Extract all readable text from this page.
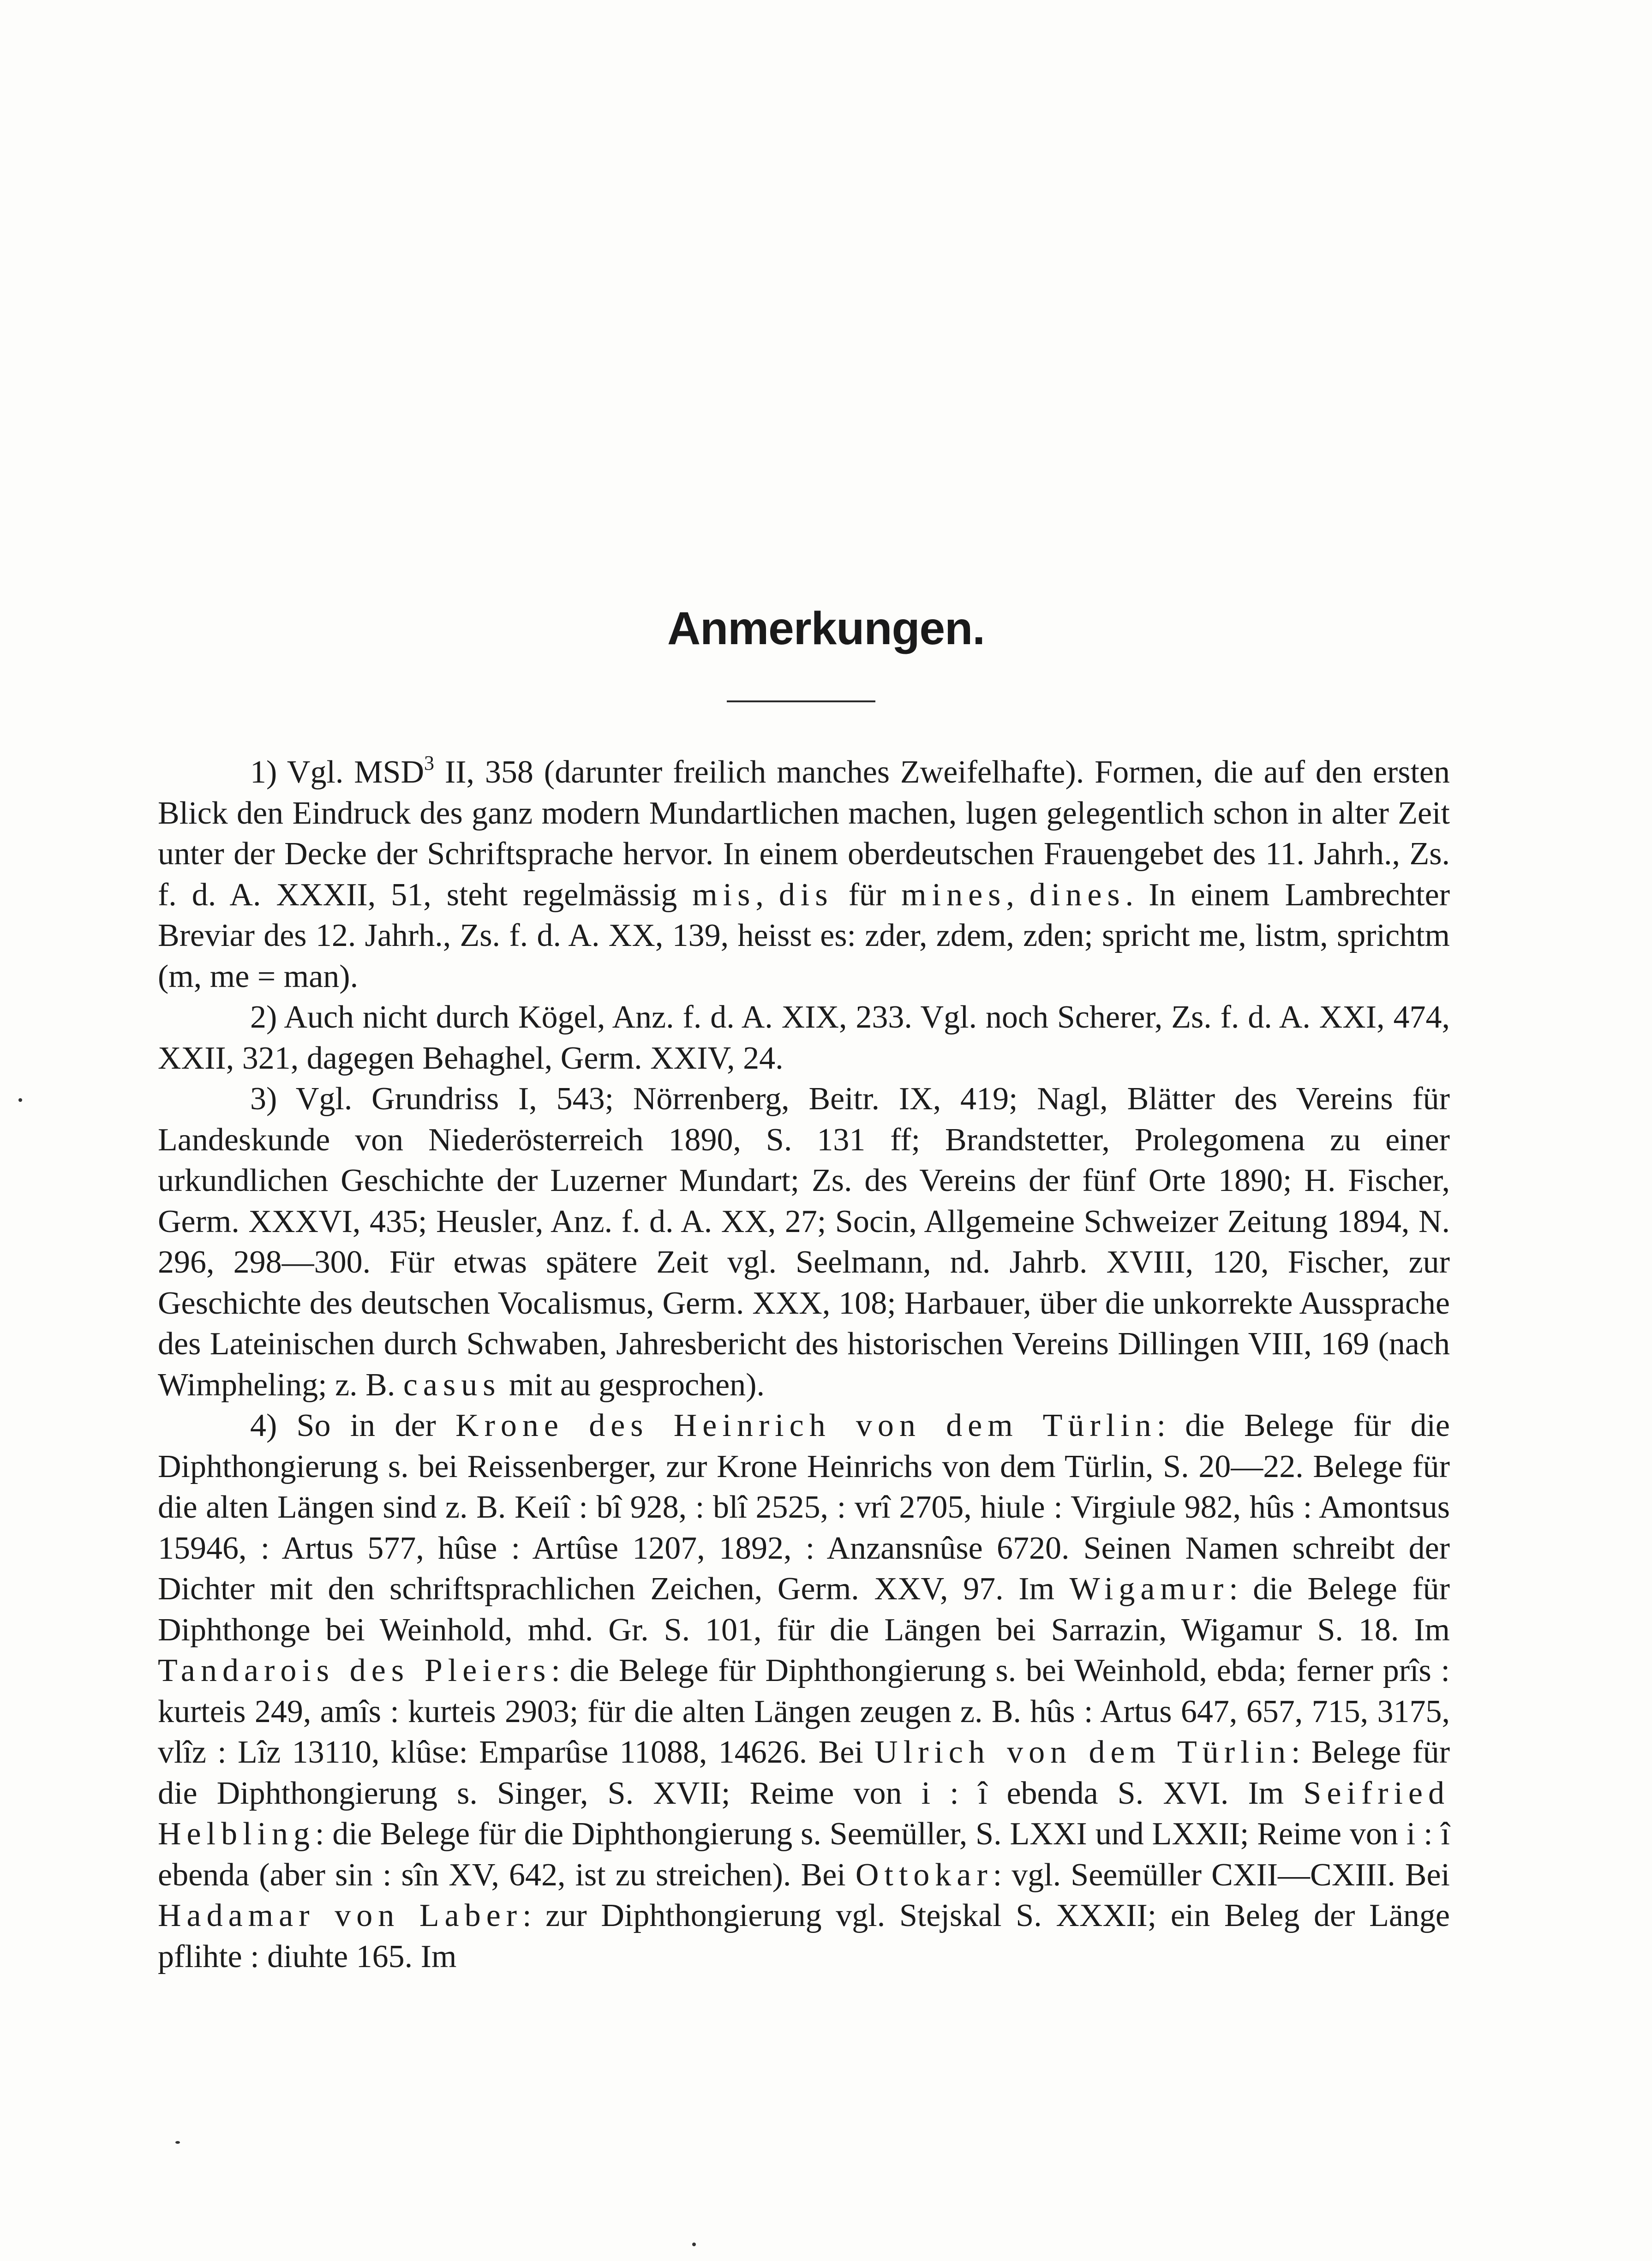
Anmerkungen.
1) Vgl. MSD$^3$ II, 358 (darunter freilich manches Zweifelhafte). Formen, die auf den ersten Blick den Eindruck des ganz modern Mundartlichen machen, lugen gelegentlich schon in alter Zeit unter der Decke der Schriftsprache hervor. In einem oberdeutschen Frauengebet des 11. Jahrh., Zs. f. d. A. XXXII, 51, steht regelmässig mis, dis für mines, dines. In einem Lambrechter Breviar des 12. Jahrh., Zs. f. d. A. XX, 139, heisst es: zder, zdem, zden; spricht me, listm, sprichtm (m, me = man).
2) Auch nicht durch Kögel, Anz. f. d. A. XIX, 233. Vgl. noch Scherer, Zs. f. d. A. XXI, 474, XXII, 321, dagegen Behaghel, Germ. XXIV, 24.
3) Vgl. Grundriss I, 543; Nörrenberg, Beitr. IX, 419; Nagl, Blätter des Vereins für Landeskunde von Niederösterreich 1890, S. 131 ff; Brandstetter, Prolegomena zu einer urkundlichen Geschichte der Luzerner Mundart; Zs. des Vereins der fünf Orte 1890; H. Fischer, Germ. XXXVI, 435; Heusler, Anz. f. d. A. XX, 27; Socin, Allgemeine Schweizer Zeitung 1894, N. 296, 298—300. Für etwas spätere Zeit vgl. Seelmann, nd. Jahrb. XVIII, 120, Fischer, zur Geschichte des deutschen Vocalismus, Germ. XXX, 108; Harbauer, über die unkorrekte Aussprache des Lateinischen durch Schwaben, Jahresbericht des historischen Vereins Dillingen VIII, 169 (nach Wimpheling; z. B. casus mit au gesprochen).
4) So in der Krone des Heinrich von dem Türlin: die Belege für die Diphthongierung s. bei Reissenberger, zur Krone Heinrichs von dem Türlin, S. 20—22. Belege für die alten Längen sind z. B. Keiî : bî 928, : blî 2525, : vrî 2705, hiule : Virgiule 982, hûs : Amontsus 15946, : Artus 577, hûse : Artûse 1207, 1892, : Anzansnûse 6720. Seinen Namen schreibt der Dichter mit den schriftsprachlichen Zeichen, Germ. XXV, 97. Im Wigamur: die Belege für Diphthonge bei Weinhold, mhd. Gr. S. 101, für die Längen bei Sarrazin, Wigamur S. 18. Im Tandarois des Pleiers: die Belege für Diphthongierung s. bei Weinhold, ebda; ferner prîs : kurteis 249, amîs : kurteis 2903; für die alten Längen zeugen z. B. hûs : Artus 647, 657, 715, 3175, vlîz : Lîz 13110, klûse: Emparûse 11088, 14626. Bei Ulrich von dem Türlin: Belege für die Diphthongierung s. Singer, S. XVII; Reime von i : î ebenda S. XVI. Im Seifried Helbling: die Belege für die Diphthongierung s. Seemüller, S. LXXI und LXXII; Reime von i : î ebenda (aber sin : sîn XV, 642, ist zu streichen). Bei Ottokar: vgl. Seemüller CXII—CXIII. Bei Hadamar von Laber: zur Diphthongierung vgl. Stejskal S. XXXII; ein Beleg der Länge pflihte : diuhte 165. Im
